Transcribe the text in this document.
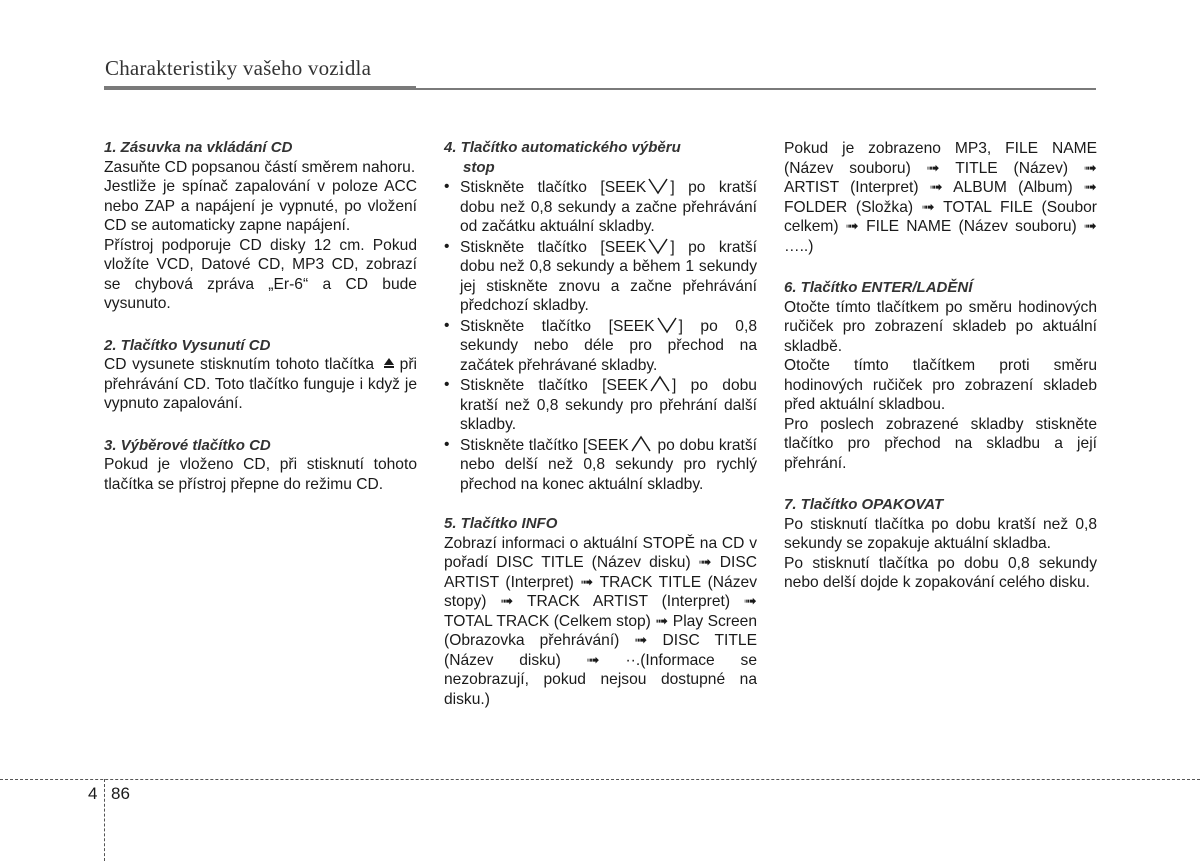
Charakteristiky vašeho vozidla
1. Zásuvka na vkládání CD

Zasuňte CD popsanou částí směrem nahoru.

Jestliže je spínač zapalování v poloze ACC nebo ZAP a napájení je vypnuté, po vložení CD se automaticky zapne napájení.

Přístroj podporuje CD disky 12 cm. Pokud vložíte VCD, Datové CD, MP3 CD, zobrazí se chybová zpráva „Er-6“ a CD bude vysunuto.

2. Tlačítko Vysunutí CD

CD vysunete stisknutím tohoto tlačítka při přehrávání CD. Toto tlačítko funguje i když je vypnuto zapalování.

3. Výběrové tlačítko CD

Pokud je vloženo CD, při stisknutí tohoto tlačítka se přístroj přepne do režimu CD.

4. Tlačítko automatického výběru
stop
• Stiskněte tlačítko [SEEK ] po kratší dobu než 0,8 sekundy a začne přehrávání od začátku aktuální skladby.
• Stiskněte tlačítko [SEEK ] po kratší dobu než 0,8 sekundy a během 1 sekundy jej stiskněte znovu a začne přehrávání předchozí skladby.
• Stiskněte tlačítko [SEEK ] po 0,8 sekundy nebo déle pro přechod na začátek přehrávané skladby.
• Stiskněte tlačítko [SEEK ] po dobu kratší než 0,8 sekundy pro přehrání další skladby.
• Stiskněte tlačítko [SEEK po dobu kratší nebo delší než 0,8 sekundy pro rychlý přechod na konec aktuální skladby.
5. Tlačítko INFO

Zobrazí informaci o aktuální STOPĚ na CD v pořadí DISC TITLE (Název disku) ➟ DISC ARTIST (Interpret) ➟ TRACK TITLE (Název stopy) ➟ TRACK ARTIST (Interpret) ➟ TOTAL TRACK (Celkem stop) ➟ Play Screen (Obrazovka přehrávání) ➟ DISC TITLE (Název disku) ➟ ··.(Informace se nezobrazují, pokud nejsou dostupné na disku.)

Pokud je zobrazeno MP3, FILE NAME (Název souboru) ➟ TITLE (Název) ➟ ARTIST (Interpret) ➟ ALBUM (Album) ➟ FOLDER (Složka) ➟ TOTAL FILE (Soubor celkem) ➟ FILE NAME (Název souboru) ➟ …..)

6. Tlačítko ENTER/LADĚNÍ

Otočte tímto tlačítkem po směru hodinových ručiček pro zobrazení skladeb po aktuální skladbě.

Otočte tímto tlačítkem proti směru hodinových ručiček pro zobrazení skladeb před aktuální skladbou.

Pro poslech zobrazené skladby stiskněte tlačítko pro přechod na skladbu a její přehrání.

7. Tlačítko OPAKOVAT

Po stisknutí tlačítka po dobu kratší než 0,8 sekundy se zopakuje aktuální skladba.

Po stisknutí tlačítka po dobu 0,8 sekundy nebo delší dojde k zopakování celého disku.

4 86
